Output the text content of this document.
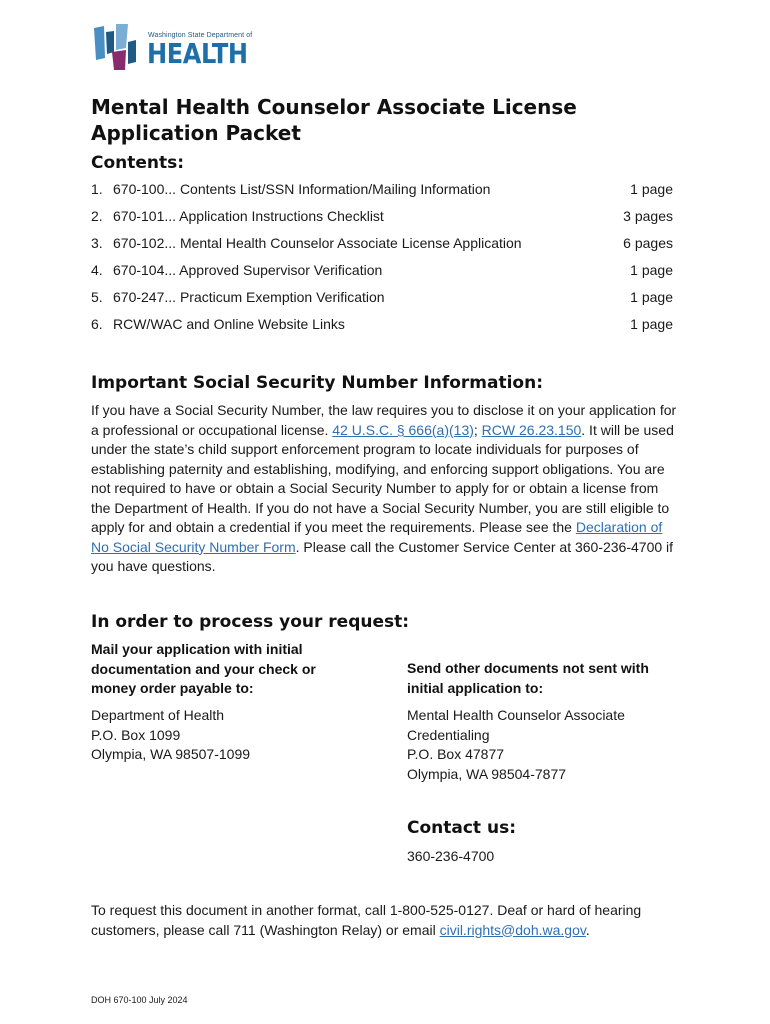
Washington State Department of
HEALTH
Mental Health Counselor Associate License Application Packet
Contents:
1. 670-100... Contents List/SSN Information/Mailing Information	1 page
2. 670-101... Application Instructions Checklist	3 pages
3. 670-102... Mental Health Counselor Associate License Application	6 pages
4. 670-104... Approved Supervisor Verification	1 page
5. 670-247... Practicum Exemption Verification	1 page
6. RCW/WAC and Online Website Links	1 page
Important Social Security Number Information:

If you have a Social Security Number, the law requires you to disclose it on your application for a professional or occupational license. 42 U.S.C. § 666(a)(13); RCW 26.23.150. It will be used under the state’s child support enforcement program to locate individuals for purposes of establishing paternity and establishing, modifying, and enforcing support obligations. You are not required to have or obtain a Social Security Number to apply for or obtain a license from the Department of Health. If you do not have a Social Security Number, you are still eligible to apply for and obtain a credential if you meet the requirements. Please see the Declaration of No Social Security Number Form. Please call the Customer Service Center at 360-236-4700 if you have questions.

In order to process your request:

Mail your application with initial documentation and your check or money order payable to:

Send other documents not sent with initial application to:

Department of Health
P.O. Box 1099
Olympia, WA 98507-1099
Mental Health Counselor Associate
Credentialing
P.O. Box 47877
Olympia, WA 98504-7877
Contact us:
360-236-4700

To request this document in another format, call 1-800-525-0127. Deaf or hard of hearing customers, please call 711 (Washington Relay) or email civil.rights@doh.wa.gov.

DOH 670-100 July 2024
